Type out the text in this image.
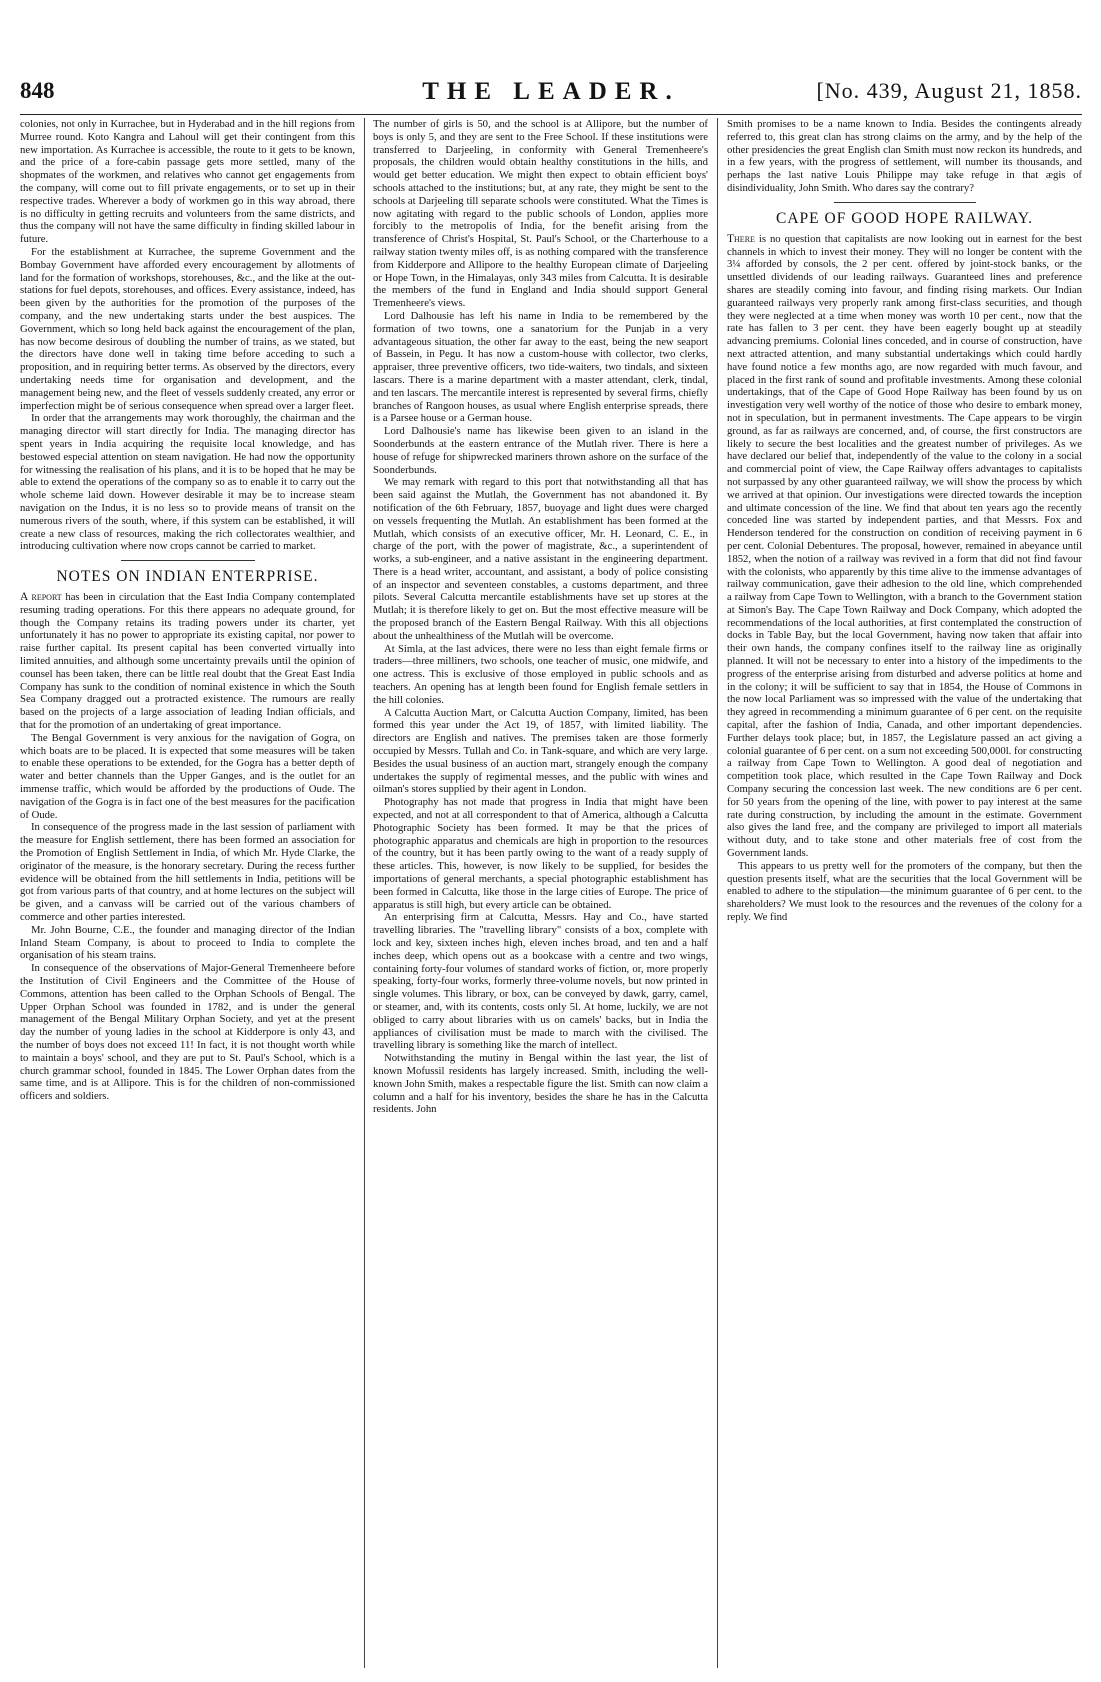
848	THE LEADER.	[No. 439, August 21, 1858.

colonies, not only in Kurrachee, but in Hyderabad and in the hill regions from Murree round. Koto Kangra and Lahoul will get their contingent from this new importation. As Kurrachee is accessible, the route to it gets to be known, and the price of a fore-cabin passage gets more settled, many of the shopmates of the workmen, and relatives who cannot get engagements from the company, will come out to fill private engagements, or to set up in their respective trades. Wherever a body of workmen go in this way abroad, there is no difficulty in getting recruits and volunteers from the same districts, and thus the company will not have the same difficulty in finding skilled labour in future.

For the establishment at Kurrachee, the supreme Government and the Bombay Government have afforded every encouragement by allotments of land for the formation of workshops, storehouses, &c., and the like at the out-stations for fuel depots, storehouses, and offices. Every assistance, indeed, has been given by the authorities for the promotion of the purposes of the company, and the new undertaking starts under the best auspices. The Government, which so long held back against the encouragement of the plan, has now become desirous of doubling the number of trains, as we stated, but the directors have done well in taking time before acceding to such a proposition, and in requiring better terms. As observed by the directors, every undertaking needs time for organisation and development, and the management being new, and the fleet of vessels suddenly created, any error or imperfection might be of serious consequence when spread over a larger fleet.

In order that the arrangements may work thoroughly, the chairman and the managing director will start directly for India. The managing director has spent years in India acquiring the requisite local knowledge, and has bestowed especial attention on steam navigation. He had now the opportunity for witnessing the realisation of his plans, and it is to be hoped that he may be able to extend the operations of the company so as to enable it to carry out the whole scheme laid down. However desirable it may be to increase steam navigation on the Indus, it is no less so to provide means of transit on the numerous rivers of the south, where, if this system can be established, it will create a new class of resources, making the rich collectorates wealthier, and introducing cultivation where now crops cannot be carried to market.

NOTES ON INDIAN ENTERPRISE.

A report has been in circulation that the East India Company contemplated resuming trading operations. For this there appears no adequate ground, for though the Company retains its trading powers under its charter, yet unfortunately it has no power to appropriate its existing capital, nor power to raise further capital. Its present capital has been converted virtually into limited annuities, and although some uncertainty prevails until the opinion of counsel has been taken, there can be little real doubt that the Great East India Company has sunk to the condition of nominal existence in which the South Sea Company dragged out a protracted existence. The rumours are really based on the projects of a large association of leading Indian officials, and that for the promotion of an undertaking of great importance.

The Bengal Government is very anxious for the navigation of Gogra, on which boats are to be placed. It is expected that some measures will be taken to enable these operations to be extended, for the Gogra has a better depth of water and better channels than the Upper Ganges, and is the outlet for an immense traffic, which would be afforded by the productions of Oude. The navigation of the Gogra is in fact one of the best measures for the pacification of Oude.

In consequence of the progress made in the last session of parliament with the measure for English settlement, there has been formed an association for the Promotion of English Settlement in India, of which Mr. Hyde Clarke, the originator of the measure, is the honorary secretary. During the recess further evidence will be obtained from the hill settlements in India, petitions will be got from various parts of that country, and at home lectures on the subject will be given, and a canvass will be carried out of the various chambers of commerce and other parties interested.

Mr. John Bourne, C.E., the founder and managing director of the Indian Inland Steam Company, is about to proceed to India to complete the organisation of his steam trains.

In consequence of the observations of Major-General Tremenheere before the Institution of Civil Engineers and the Committee of the House of Commons, attention has been called to the Orphan Schools of Bengal. The Upper Orphan School was founded in 1782, and is under the general management of the Bengal Military Orphan Society, and yet at the present day the number of young ladies in the school at Kidderpore is only 43, and the number of boys does not exceed 11! In fact, it is not thought worth while to maintain a boys' school, and they are put to St. Paul's School, which is a church grammar school, founded in 1845. The Lower Orphan dates from the same time, and is at Allipore. This is for the children of non-commissioned officers and soldiers.

The number of girls is 50, and the school is at Allipore, but the number of boys is only 5, and they are sent to the Free School. If these institutions were transferred to Darjeeling, in conformity with General Tremenheere's proposals, the children would obtain healthy constitutions in the hills, and would get better education. We might then expect to obtain efficient boys' schools attached to the institutions; but, at any rate, they might be sent to the schools at Darjeeling till separate schools were constituted. What the Times is now agitating with regard to the public schools of London, applies more forcibly to the metropolis of India, for the benefit arising from the transference of Christ's Hospital, St. Paul's School, or the Charterhouse to a railway station twenty miles off, is as nothing compared with the transference from Kidderpore and Allipore to the healthy European climate of Darjeeling or Hope Town, in the Himalayas, only 343 miles from Calcutta. It is desirable the members of the fund in England and India should support General Tremenheere's views.

Lord Dalhousie has left his name in India to be remembered by the formation of two towns, one a sanatorium for the Punjab in a very advantageous situation, the other far away to the east, being the new seaport of Bassein, in Pegu. It has now a custom-house with collector, two clerks, appraiser, three preventive officers, two tide-waiters, two tindals, and sixteen lascars. There is a marine department with a master attendant, clerk, tindal, and ten lascars. The mercantile interest is represented by several firms, chiefly branches of Rangoon houses, as usual where English enterprise spreads, there is a Parsee house or a German house.

Lord Dalhousie's name has likewise been given to an island in the Soonderbunds at the eastern entrance of the Mutlah river. There is here a house of refuge for shipwrecked mariners thrown ashore on the surface of the Soonderbunds.

We may remark with regard to this port that notwithstanding all that has been said against the Mutlah, the Government has not abandoned it. By notification of the 6th February, 1857, buoyage and light dues were charged on vessels frequenting the Mutlah. An establishment has been formed at the Mutlah, which consists of an executive officer, Mr. H. Leonard, C. E., in charge of the port, with the power of magistrate, &c., a superintendent of works, a sub-engineer, and a native assistant in the engineering department. There is a head writer, accountant, and assistant, a body of police consisting of an inspector and seventeen constables, a customs department, and three pilots. Several Calcutta mercantile establishments have set up stores at the Mutlah; it is therefore likely to get on. But the most effective measure will be the proposed branch of the Eastern Bengal Railway. With this all objections about the unhealthiness of the Mutlah will be overcome.

At Simla, at the last advices, there were no less than eight female firms or traders—three milliners, two schools, one teacher of music, one midwife, and one actress. This is exclusive of those employed in public schools and as teachers. An opening has at length been found for English female settlers in the hill colonies.

A Calcutta Auction Mart, or Calcutta Auction Company, limited, has been formed this year under the Act 19, of 1857, with limited liability. The directors are English and natives. The premises taken are those formerly occupied by Messrs. Tullah and Co. in Tank-square, and which are very large. Besides the usual business of an auction mart, strangely enough the company undertakes the supply of regimental messes, and the public with wines and oilman's stores supplied by their agent in London.

Photography has not made that progress in India that might have been expected, and not at all correspondent to that of America, although a Calcutta Photographic Society has been formed. It may be that the prices of photographic apparatus and chemicals are high in proportion to the resources of the country, but it has been partly owing to the want of a ready supply of these articles. This, however, is now likely to be supplied, for besides the importations of general merchants, a special photographic establishment has been formed in Calcutta, like those in the large cities of Europe. The price of apparatus is still high, but every article can be obtained.

An enterprising firm at Calcutta, Messrs. Hay and Co., have started travelling libraries. The "travelling library" consists of a box, complete with lock and key, sixteen inches high, eleven inches broad, and ten and a half inches deep, which opens out as a bookcase with a centre and two wings, containing forty-four volumes of standard works of fiction, or, more properly speaking, forty-four works, formerly three-volume novels, but now printed in single volumes. This library, or box, can be conveyed by dawk, garry, camel, or steamer, and, with its contents, costs only 5l. At home, luckily, we are not obliged to carry about libraries with us on camels' backs, but in India the appliances of civilisation must be made to march with the civilised. The travelling library is something like the march of intellect.

Notwithstanding the mutiny in Bengal within the last year, the list of known Mofussil residents has largely increased. Smith, including the well-known John Smith, makes a respectable figure the list. Smith can now claim a column and a half for his inventory, besides the share he has in the Calcutta residents. John

Smith promises to be a name known to India. Besides the contingents already referred to, this great clan has strong claims on the army, and by the help of the other presidencies the great English clan Smith must now reckon its hundreds, and in a few years, with the progress of settlement, will number its thousands, and perhaps the last native Louis Philippe may take refuge in that ægis of disindividuality, John Smith. Who dares say the contrary?

CAPE OF GOOD HOPE RAILWAY.

There is no question that capitalists are now looking out in earnest for the best channels in which to invest their money. They will no longer be content with the 3¼ afforded by consols, the 2 per cent. offered by joint-stock banks, or the unsettled dividends of our leading railways. Guaranteed lines and preference shares are steadily coming into favour, and finding rising markets. Our Indian guaranteed railways very properly rank among first-class securities, and though they were neglected at a time when money was worth 10 per cent., now that the rate has fallen to 3 per cent. they have been eagerly bought up at steadily advancing premiums. Colonial lines conceded, and in course of construction, have next attracted attention, and many substantial undertakings which could hardly have found notice a few months ago, are now regarded with much favour, and placed in the first rank of sound and profitable investments. Among these colonial undertakings, that of the Cape of Good Hope Railway has been found by us on investigation very well worthy of the notice of those who desire to embark money, not in speculation, but in permanent investments. The Cape appears to be virgin ground, as far as railways are concerned, and, of course, the first constructors are likely to secure the best localities and the greatest number of privileges. As we have declared our belief that, independently of the value to the colony in a social and commercial point of view, the Cape Railway offers advantages to capitalists not surpassed by any other guaranteed railway, we will show the process by which we arrived at that opinion. Our investigations were directed towards the inception and ultimate concession of the line. We find that about ten years ago the recently conceded line was started by independent parties, and that Messrs. Fox and Henderson tendered for the construction on condition of receiving payment in 6 per cent. Colonial Debentures. The proposal, however, remained in abeyance until 1852, when the notion of a railway was revived in a form that did not find favour with the colonists, who apparently by this time alive to the immense advantages of railway communication, gave their adhesion to the old line, which comprehended a railway from Cape Town to Wellington, with a branch to the Government station at Simon's Bay. The Cape Town Railway and Dock Company, which adopted the recommendations of the local authorities, at first contemplated the construction of docks in Table Bay, but the local Government, having now taken that affair into their own hands, the company confines itself to the railway line as originally planned. It will not be necessary to enter into a history of the impediments to the progress of the enterprise arising from disturbed and adverse politics at home and in the colony; it will be sufficient to say that in 1854, the House of Commons in the now local Parliament was so impressed with the value of the undertaking that they agreed in recommending a minimum guarantee of 6 per cent. on the requisite capital, after the fashion of India, Canada, and other important dependencies. Further delays took place; but, in 1857, the Legislature passed an act giving a colonial guarantee of 6 per cent. on a sum not exceeding 500,000l. for constructing a railway from Cape Town to Wellington. A good deal of negotiation and competition took place, which resulted in the Cape Town Railway and Dock Company securing the concession last week. The new conditions are 6 per cent. for 50 years from the opening of the line, with power to pay interest at the same rate during construction, by including the amount in the estimate. Government also gives the land free, and the company are privileged to import all materials without duty, and to take stone and other materials free of cost from the Government lands.

This appears to us pretty well for the promoters of the company, but then the question presents itself, what are the securities that the local Government will be enabled to adhere to the stipulation—the minimum guarantee of 6 per cent. to the shareholders? We must look to the resources and the revenues of the colony for a reply. We find
